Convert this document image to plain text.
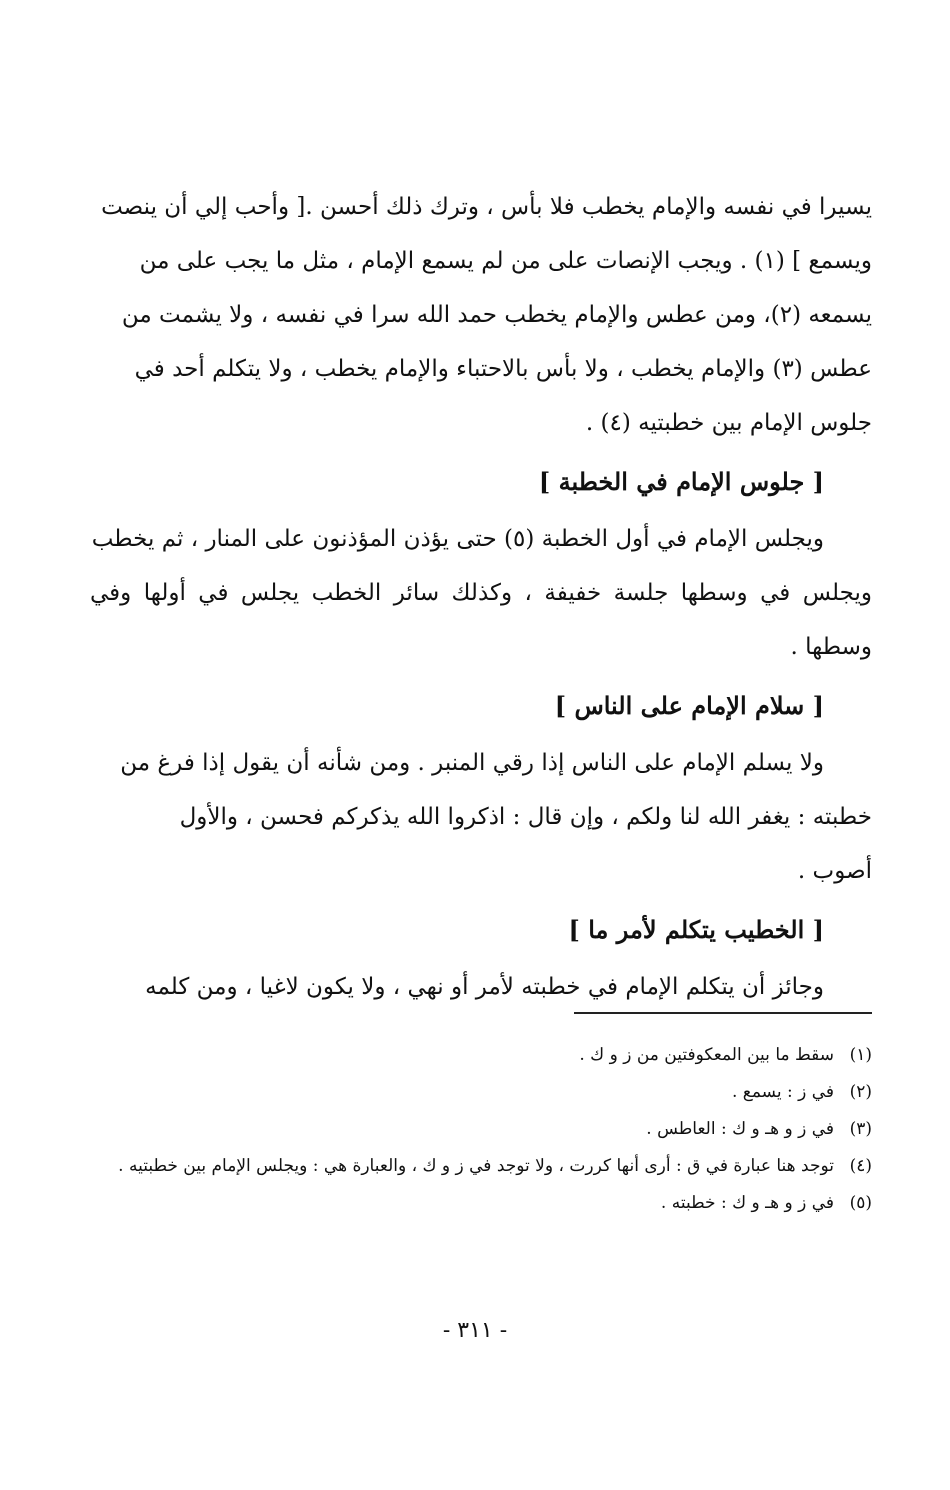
يسيرا في نفسه والإمام يخطب فلا بأس ، وترك ذلك أحسن .[ وأحب إلي أن ينصت

ويسمع ] (١) . ويجب الإنصات على من لم يسمع الإمام ، مثل ما يجب على من

يسمعه (٢)، ومن عطس والإمام يخطب حمد الله سرا في نفسه ، ولا يشمت من

عطس (٣) والإمام يخطب ، ولا بأس بالاحتباء والإمام يخطب ، ولا يتكلم أحد في

جلوس الإمام بين خطبتيه (٤) .

[ جلوس الإمام في الخطبة ]

ويجلس الإمام في أول الخطبة (٥) حتى يؤذن المؤذنون على المنار ، ثم يخطب

ويجلس في وسطها جلسة خفيفة ، وكذلك سائر الخطب يجلس في أولها وفي وسطها .

[ سلام الإمام على الناس ]

ولا يسلم الإمام على الناس إذا رقي المنبر . ومن شأنه أن يقول إذا فرغ من

خطبته : يغفر الله لنا ولكم ، وإن قال : اذكروا الله يذكركم فحسن ، والأول

أصوب .

[ الخطيب يتكلم لأمر ما ]

وجائز أن يتكلم الإمام في خطبته لأمر أو نهي ، ولا يكون لاغيا ، ومن كلمه

(١)
سقط ما بين المعكوفتين من ز و ك .
(٢)
في ز : يسمع .
(٣)
في ز و هـ و ك : العاطس .
(٤)
توجد هنا عبارة في ق : أرى أنها كررت ، ولا توجد في ز و ك ، والعبارة هي : ويجلس الإمام بين خطبتيه .
(٥)
في ز و هـ و ك : خطبته .
- ٣١١ -
